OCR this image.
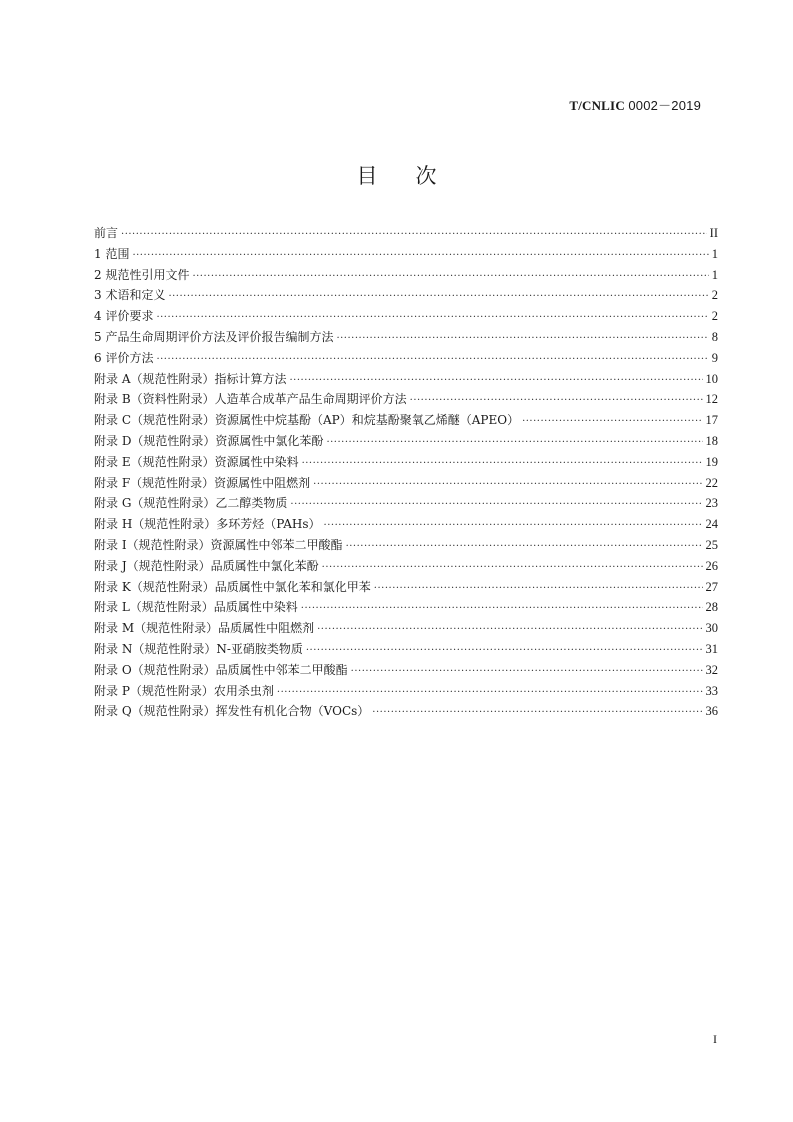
T/CNLIC 0002－2019
目次
前言 ·····	II
1 范围 ·····	1
2 规范性引用文件 ·····	1
3 术语和定义 ·····	2
4 评价要求 ·····	2
5 产品生命周期评价方法及评价报告编制方法 ·····	8
6 评价方法 ·····	9
附录 A（规范性附录）指标计算方法 ·····	10
附录 B（资料性附录）人造革合成革产品生命周期评价方法 ·····	12
附录 C（规范性附录）资源属性中烷基酚（AP）和烷基酚聚氧乙烯醚（APEO） ·····	17
附录 D（规范性附录）资源属性中氯化苯酚 ·····	18
附录 E（规范性附录）资源属性中染料 ·····	19
附录 F（规范性附录）资源属性中阻燃剂 ·····	22
附录 G（规范性附录）乙二醇类物质 ·····	23
附录 H（规范性附录）多环芳烃（PAHs） ·····	24
附录 I（规范性附录）资源属性中邻苯二甲酸酯 ·····	25
附录 J（规范性附录）品质属性中氯化苯酚 ·····	26
附录 K（规范性附录）品质属性中氯化苯和氯化甲苯 ·····	27
附录 L（规范性附录）品质属性中染料 ·····	28
附录 M（规范性附录）品质属性中阻燃剂 ·····	30
附录 N（规范性附录）N-亚硝胺类物质 ·····	31
附录 O（规范性附录）品质属性中邻苯二甲酸酯 ·····	32
附录 P（规范性附录）农用杀虫剂 ·····	33
附录 Q（规范性附录）挥发性有机化合物（VOCs） ·····	36
I
